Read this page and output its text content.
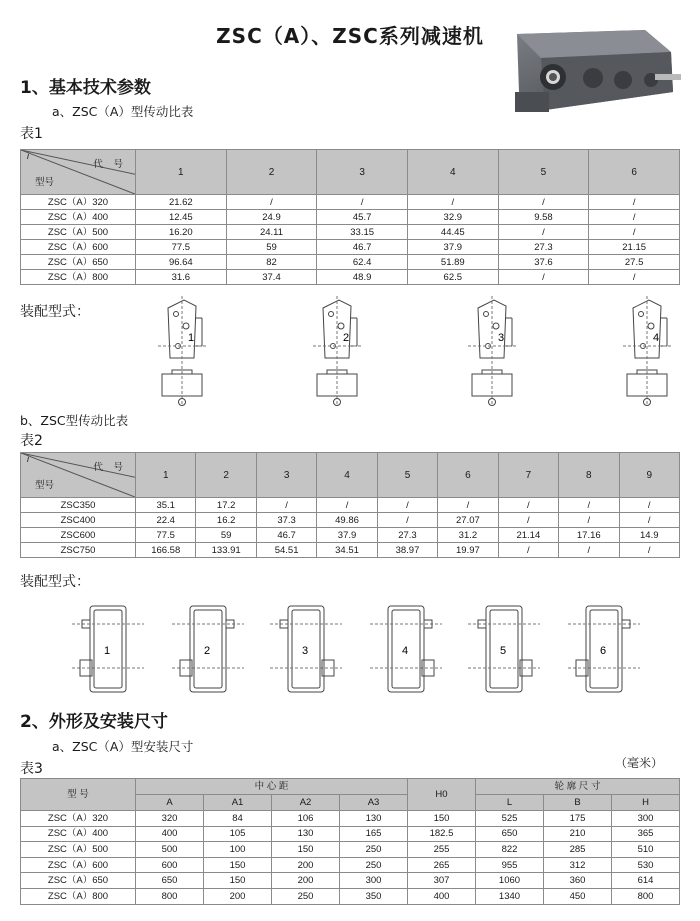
ZSC（A）、ZSC系列减速机
1、基本技术参数
a、ZSC（A）型传动比表
表1
i
代 号
型号	1	2	3	4	5	6
ZSC（A）320	21.62	/	/	/	/	/
ZSC（A）400	12.45	24.9	45.7	32.9	9.58	/
ZSC（A）500	16.20	24.11	33.15	44.45	/	/
ZSC（A）600	77.5	59	46.7	37.9	27.3	21.15
ZSC（A）650	96.64	82	62.4	51.89	37.6	27.5
ZSC（A）800	31.6	37.4	48.9	62.5	/	/
装配型式：
1	2	3	4
b、ZSC型传动比表
表2
i
代 号
型号	1	2	3	4	5	6	7	8	9
ZSC350	35.1	17.2	/	/	/	/	/	/	/
ZSC400	22.4	16.2	37.3	49.86	/	27.07	/	/	/
ZSC600	77.5	59	46.7	37.9	27.3	31.2	21.14	17.16	14.9
ZSC750	166.58	133.91	54.51	34.51	38.97	19.97	/	/	/
装配型式：
1	2	3	4	5	6
2、外形及安装尺寸
a、ZSC（A）型安装尺寸
表3	（毫米）
型 号	中 心 距				H0	轮 廓 尺 寸		
	A	A1	A2	A3		L	B	H
ZSC（A）320	320	84	106	130	150	525	175	300
ZSC（A）400	400	105	130	165	182.5	650	210	365
ZSC（A）500	500	100	150	250	255	822	285	510
ZSC（A）600	600	150	200	250	265	955	312	530
ZSC（A）650	650	150	200	300	307	1060	360	614
ZSC（A）800	800	200	250	350	400	1340	450	800
